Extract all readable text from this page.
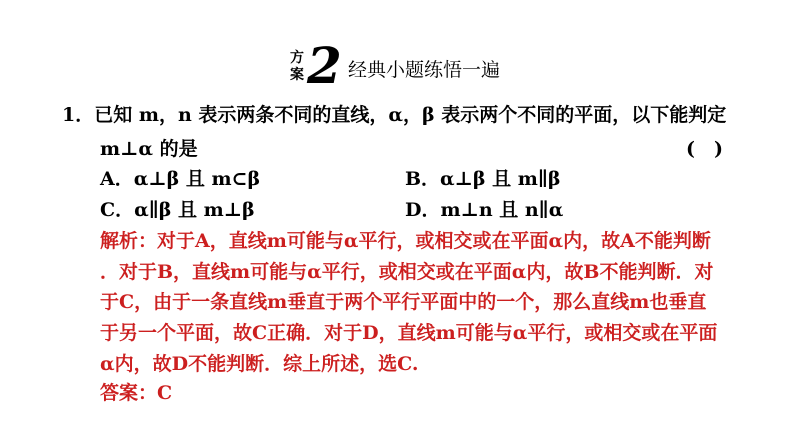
方案 2 经典小题练悟一遍
1．已知 m，n 表示两条不同的直线，α，β 表示两个不同的平面，以下能判定
m⊥α 的是	(　)
A．α⊥β 且 m⊂β	B．α⊥β 且 m∥β
C．α∥β 且 m⊥β	D．m⊥n 且 n∥α
解析：对于A，直线m可能与α平行，或相交或在平面α内，故A不能判断
．对于B，直线m可能与α平行，或相交或在平面α内，故B不能判断．对
于C，由于一条直线m垂直于两个平行平面中的一个，那么直线m也垂直
于另一个平面，故C正确．对于D，直线m可能与α平行，或相交或在平面
α内，故D不能判断．综上所述，选C.
答案：C
